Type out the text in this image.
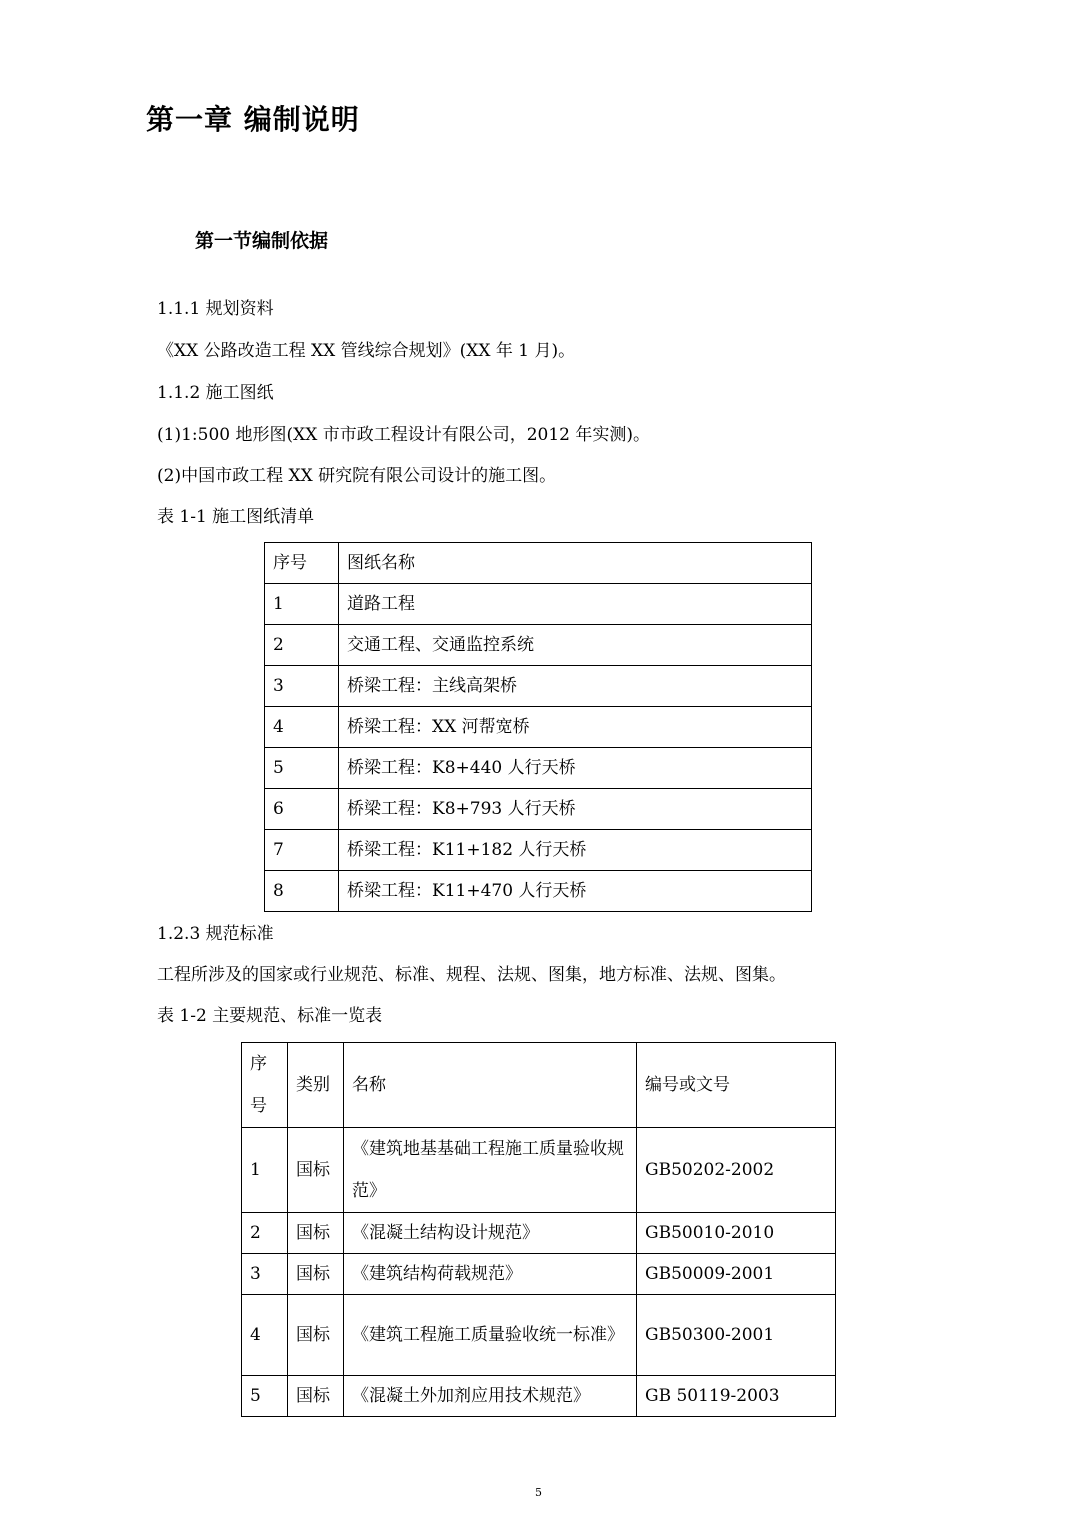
第一章 编制说明
第一节编制依据
1.1.1 规划资料
《XX 公路改造工程 XX 管线综合规划》(XX 年 1 月)。
1.1.2 施工图纸
(1)1:500 地形图(XX 市市政工程设计有限公司，2012 年实测)。
(2)中国市政工程 XX 研究院有限公司设计的施工图。
表 1-1 施工图纸清单
序号	图纸名称
1	道路工程
2	交通工程、交通监控系统
3	桥梁工程：主线高架桥
4	桥梁工程：XX 河帮宽桥
5	桥梁工程：K8+440 人行天桥
6	桥梁工程：K8+793 人行天桥
7	桥梁工程：K11+182 人行天桥
8	桥梁工程：K11+470 人行天桥
1.2.3 规范标准
工程所涉及的国家或行业规范、标准、规程、法规、图集，地方标准、法规、图集。
表 1-2 主要规范、标准一览表
序
号	类别	名称	编号或文号
1	国标	《建筑地基基础工程施工质量验收规范》	GB50202-2002
2	国标	《混凝土结构设计规范》	GB50010-2010
3	国标	《建筑结构荷载规范》	GB50009-2001
4	国标	《建筑工程施工质量验收统一标准》	GB50300-2001
5	国标	《混凝土外加剂应用技术规范》	GB 50119-2003
5
